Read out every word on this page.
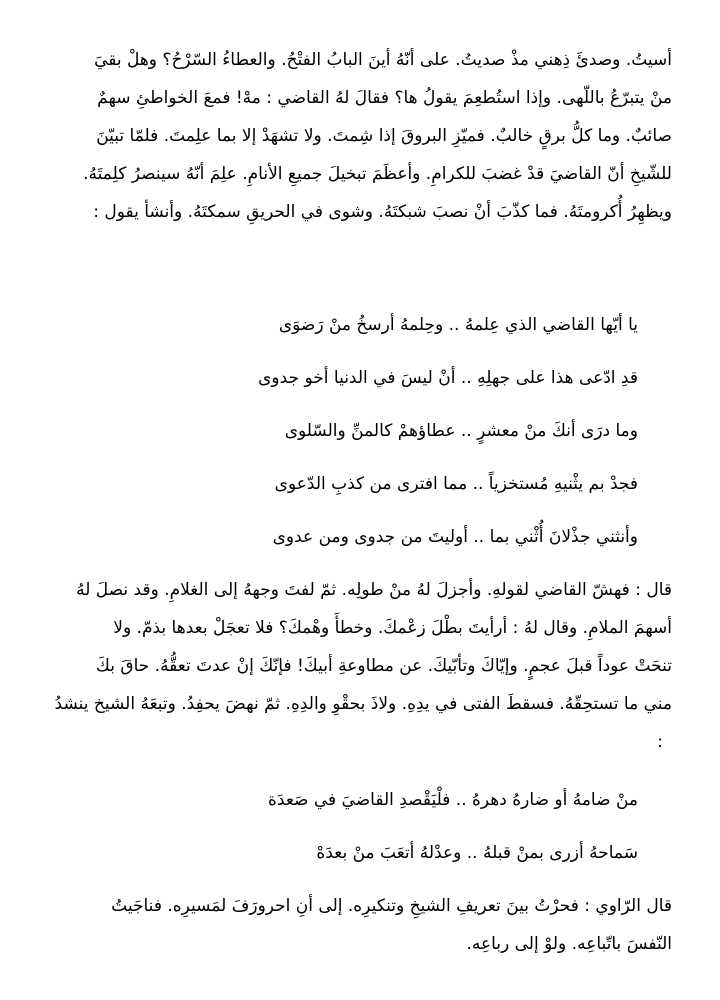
أسيتُ. وصدئَ ذِهني مذْ صديتُ. على أنّهُ أينَ البابُ الفتْحُ. والعطاءُ السّرْحُ؟ وهلْ بقيَ
منْ يتبرّعُ باللّهى. وإذا استُطعِمَ يقولُ ها؟ فقالَ لهُ القاضي : مهْ! فمعَ الخواطئِ سهمٌ
صائبٌ. وما كلُّ برقٍ خالبٌ. فميّزِ البروقَ إذا شِمتَ. ولا تشهَدْ إلا بما علِمتَ. فلمّا تبيّنَ
للشّيخِ أنّ القاضيَ قدْ غضبَ للكرامِ. وأعظَمَ تبخيلَ جميعِ الأنامِ. علِمَ أنّهُ سينصرُ كلِمتَهُ.
ويظهِرُ أُكرومتَهُ. فما كذّبَ أنْ نصبَ شبكتَهُ. وشوى في الحريقِ سمكتَهُ. وأنشأ يقول :
يا أيّها القاضي الذي عِلمهُ .. وحِلمهُ أرسخُ منْ رَضوَى
قدِ ادّعى هذا على جهلِهِ .. أنْ ليسَ في الدنيا أخو جدوى
وما درَى أنكَ منْ معشرٍ .. عطاؤهمْ كالمنِّ والسّلوى
فجدْ بم يثْنيهِ مُستخزياً .. مما افترى من كذبِ الدّعوى
وأنثني جذْلانَ أُثْني بما .. أوليتَ من جدوى ومن عدوى
قال : فهشّ القاضي لقولهِ. وأجزلَ لهُ منْ طولِه. ثمّ لفتَ وجههُ إلى الغلامِ. وقد نصلَ لهُ
أسهمَ الملامِ. وقال لهُ : أرأيتَ بطْلَ زعْمكَ. وخطأَ وهْمكَ؟ فلا تعجَلْ بعدها بذمّ. ولا
تنحَتْ عوداً قبلَ عجمٍ. وإيّاكَ وتأبّيكَ. عن مطاوعةِ أبيكَ! فإنّكَ إنْ عدتَ تعقُّهُ. حاقَ بكَ
مني ما تستحِقّهُ. فسقطَ الفتى في يدِهِ. ولاذَ بحقْوِ والدِهِ. ثمّ نهضَ يحفِدُ. وتبعَهُ الشيخ ينشدُ
:
منْ ضامهُ أو ضارهُ دهرهُ .. فلْيَقْصدِ القاضيَ في صَعدَة
سَماحهُ أزرى بمنْ قبلهُ .. وعدْلهُ أتعَبَ منْ بعدَهْ
قال الرّاوي : فحرْتُ بينَ تعريفِ الشيخِ وتنكيرِه. إلى أنِ احرورَفَ لمَسيرِه. فناجَيتُ
النّفسَ باتّباعِه. ولوْ إلى رباعِه.
